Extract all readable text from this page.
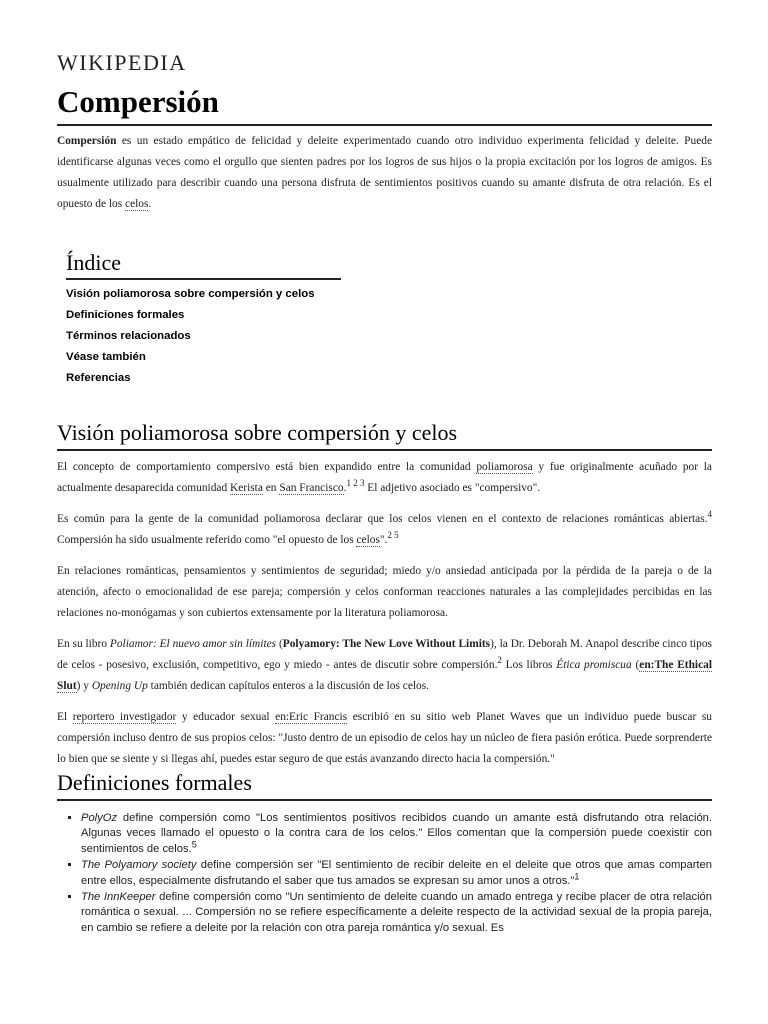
WIKIPEDIA
Compersión

Compersión es un estado empático de felicidad y deleite experimentado cuando otro individuo experimenta felicidad y deleite. Puede identificarse algunas veces como el orgullo que sienten padres por los logros de sus hijos o la propia excitación por los logros de amigos. Es usualmente utilizado para describir cuando una persona disfruta de sentimientos positivos cuando su amante disfruta de otra relación. Es el opuesto de los celos.

Índice
Visión poliamorosa sobre compersión y celos
Definiciones formales
Términos relacionados
Véase también
Referencias
Visión poliamorosa sobre compersión y celos

El concepto de comportamiento compersivo está bien expandido entre la comunidad poliamorosa y fue originalmente acuñado por la actualmente desaparecida comunidad Kerista en San Francisco.$^{1 2 3}$ El adjetivo asociado es "compersivo".

Es común para la gente de la comunidad poliamorosa declarar que los celos vienen en el contexto de relaciones románticas abiertas.$^4$ Compersión ha sido usualmente referido como "el opuesto de los celos".$^{2 5}$

En relaciones románticas, pensamientos y sentimientos de seguridad; miedo y/o ansiedad anticipada por la pérdida de la pareja o de la atención, afecto o emocionalidad de ese pareja; compersión y celos conforman reacciones naturales a las complejidades percibidas en las relaciones no-monógamas y son cubiertos extensamente por la literatura poliamorosa.

En su libro Poliamor: El nuevo amor sin límites (Polyamory: The New Love Without Limits), la Dr. Deborah M. Anapol describe cinco tipos de celos - posesivo, exclusión, competitivo, ego y miedo - antes de discutir sobre compersión.$^2$ Los libros Ética promiscua (en:The Ethical Slut) y Opening Up también dedican capítulos enteros a la discusión de los celos.

El reportero investigador y educador sexual en:Eric Francis escribió en su sitio web Planet Waves que un individuo puede buscar su compersión incluso dentro de sus propios celos: "Justo dentro de un episodio de celos hay un núcleo de fiera pasión erótica. Puede sorprenderte lo bien que se siente y si llegas ahí, puedes estar seguro de que estás avanzando directo hacia la compersión."

Definiciones formales
▪ PolyOz define compersión como "Los sentimientos positivos recibidos cuando un amante está disfrutando otra relación. Algunas veces llamado el opuesto o la contra cara de los celos." Ellos comentan que la compersión puede coexistir con sentimientos de celos.$^5$
▪ The Polyamory society define compersión ser "El sentimiento de recibir deleite en el deleite que otros que amas comparten entre ellos, especialmente disfrutando el saber que tus amados se expresan su amor unos a otros."$^1$
▪ The InnKeeper define compersión como "Un sentimiento de deleite cuando un amado entrega y recibe placer de otra relación romántica o sexual. ... Compersión no se refiere específicamente a deleite respecto de la actividad sexual de la propia pareja, en cambio se refiere a deleite por la relación con otra pareja romántica y/o sexual. Es
